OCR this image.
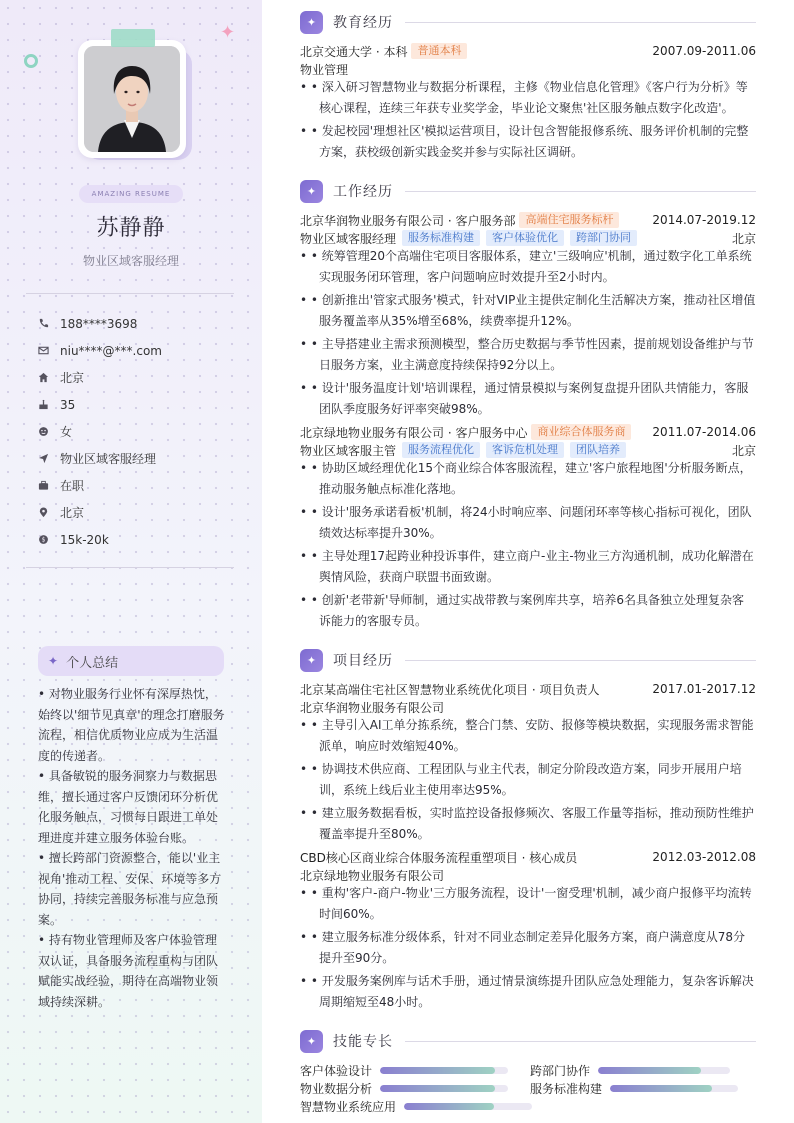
✦
AMAZING RESUME
苏静静
物业区域客服经理
188****3698
niu****@***.com
北京
35
女
物业区域客服经理
在职
北京
$ 15k-20k
✦ 个人总结

• 对物业服务行业怀有深厚热忱，始终以'细节见真章'的理念打磨服务流程，相信优质物业应成为生活温度的传递者。

• 具备敏锐的服务洞察力与数据思维，擅长通过客户反馈闭环分析优化服务触点，习惯每日跟进工单处理进度并建立服务体验台账。

• 擅长跨部门资源整合，能以'业主视角'推动工程、安保、环境等多方协同，持续完善服务标准与应急预案。

• 持有物业管理师及客户体验管理双认证，具备服务流程重构与团队赋能实战经验，期待在高端物业领域持续深耕。

✦	教育经历
北京交通大学 · 本科 普通本科	2007.09-2011.06
物业管理
• • 深入研习智慧物业与数据分析课程，主修《物业信息化管理》《客户行为分析》等核心课程，连续三年获专业奖学金，毕业论文聚焦'社区服务触点数字化改造'。
• • 发起校园'理想社区'模拟运营项目，设计包含智能报修系统、服务评价机制的完整方案，获校级创新实践金奖并参与实际社区调研。
✦	工作经历
北京华润物业服务有限公司 · 客户服务部 高端住宅服务标杆	2014.07-2019.12
物业区域客服经理	服务标准构建	客户体验优化	跨部门协同	北京
• • 统筹管理20个高端住宅项目客服体系，建立'三级响应'机制，通过数字化工单系统实现服务闭环管理，客户问题响应时效提升至2小时内。
• • 创新推出'管家式服务'模式，针对VIP业主提供定制化生活解决方案，推动社区增值服务覆盖率从35%增至68%，续费率提升12%。
• • 主导搭建业主需求预测模型，整合历史数据与季节性因素，提前规划设备维护与节日服务方案，业主满意度持续保持92分以上。
• • 设计'服务温度计划'培训课程，通过情景模拟与案例复盘提升团队共情能力，客服团队季度服务好评率突破98%。
北京绿地物业服务有限公司 · 客户服务中心 商业综合体服务商	2011.07-2014.06
物业区域客服主管	服务流程优化	客诉危机处理	团队培养	北京
• • 协助区域经理优化15个商业综合体客服流程，建立'客户旅程地图'分析服务断点，推动服务触点标准化落地。
• • 设计'服务承诺看板'机制，将24小时响应率、问题闭环率等核心指标可视化，团队绩效达标率提升30%。
• • 主导处理17起跨业种投诉事件，建立商户-业主-物业三方沟通机制，成功化解潜在舆情风险，获商户联盟书面致谢。
• • 创新'老带新'导师制，通过实战带教与案例库共享，培养6名具备独立处理复杂客诉能力的客服专员。
✦	项目经历
北京某高端住宅社区智慧物业系统优化项目 · 项目负责人	2017.01-2017.12
北京华润物业服务有限公司
• • 主导引入AI工单分拣系统，整合门禁、安防、报修等模块数据，实现服务需求智能派单，响应时效缩短40%。
• • 协调技术供应商、工程团队与业主代表，制定分阶段改造方案，同步开展用户培训，系统上线后业主使用率达95%。
• • 建立服务数据看板，实时监控设备报修频次、客服工作量等指标，推动预防性维护覆盖率提升至80%。
CBD核心区商业综合体服务流程重塑项目 · 核心成员	2012.03-2012.08
北京绿地物业服务有限公司
• • 重构'客户-商户-物业'三方服务流程，设计'一窗受理'机制，减少商户报修平均流转时间60%。
• • 建立服务标准分级体系，针对不同业态制定差异化服务方案，商户满意度从78分提升至90分。
• • 开发服务案例库与话术手册，通过情景演练提升团队应急处理能力，复杂客诉解决周期缩短至48小时。
✦	技能专长
客户体验设计	跨部门协作
物业数据分析	服务标准构建
智慧物业系统应用
